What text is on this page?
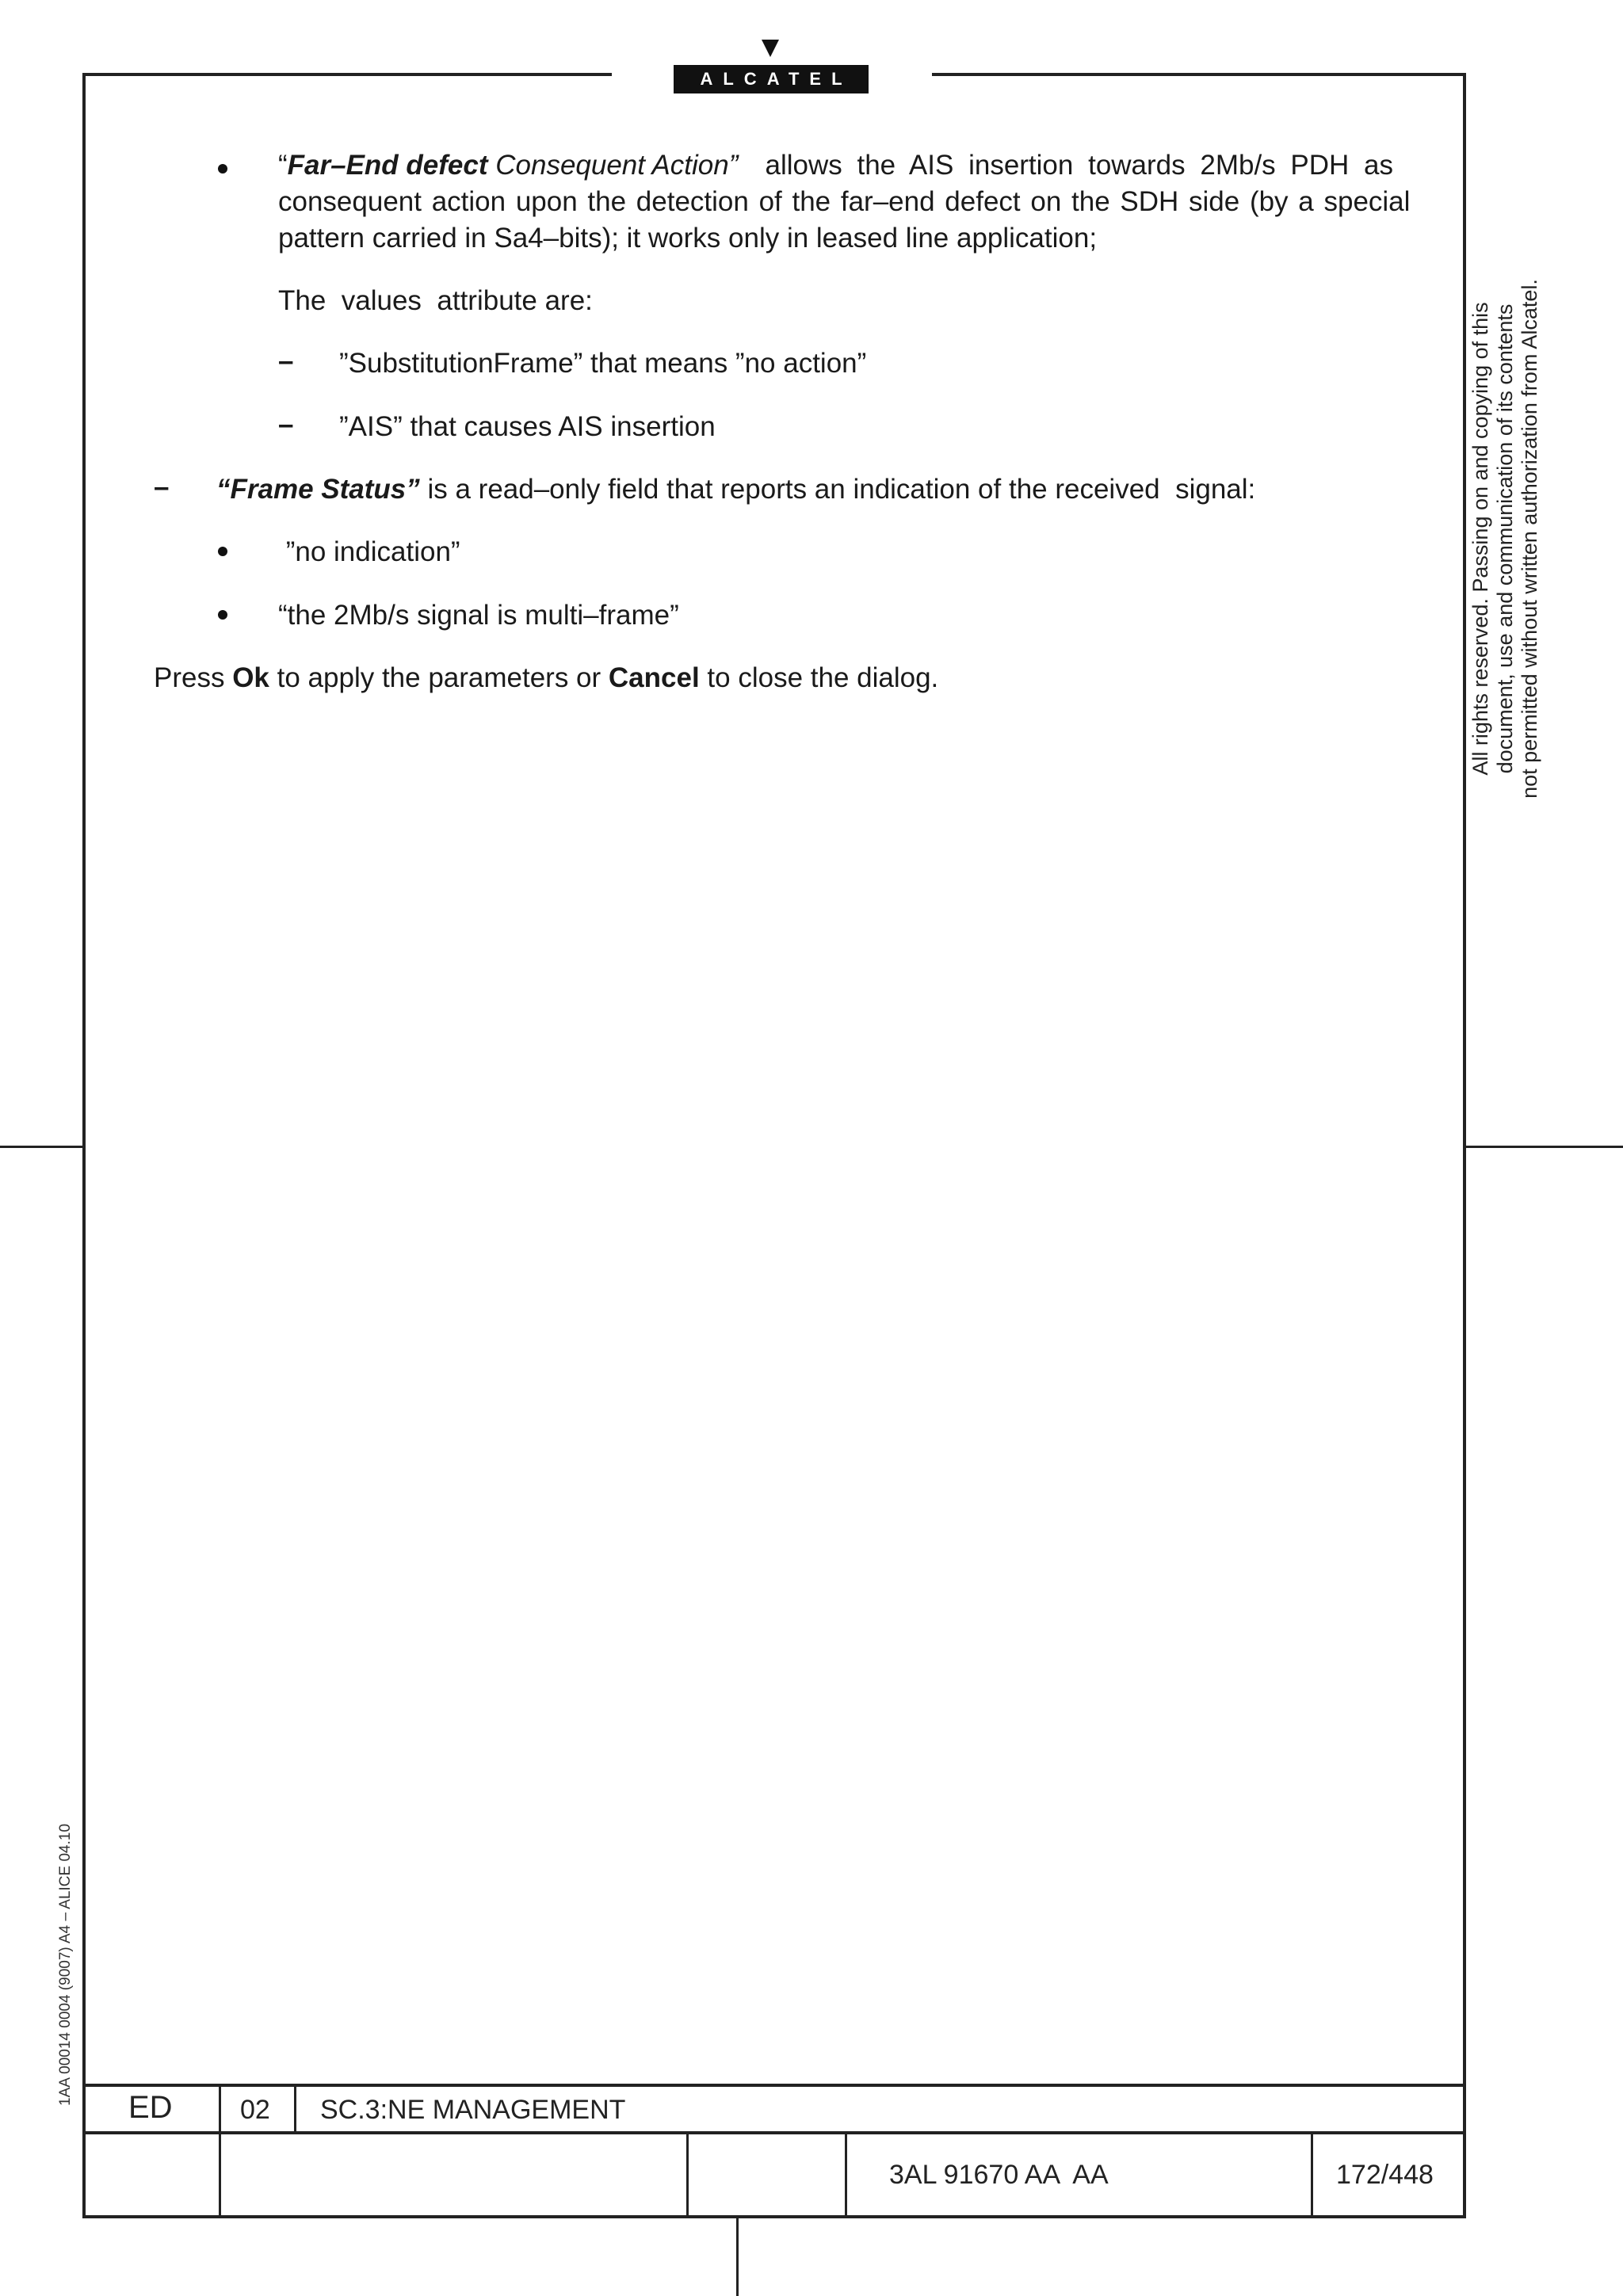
ALCATEL
“Far–End defect Consequent Action” allows the AIS insertion towards 2Mb/s PDH as
consequent action upon the detection of the far–end defect on the SDH side (by a special
pattern carried in Sa4–bits); it works only in leased line application;
The  values  attribute are:
– ”SubstitutionFrame” that means ”no action”
– ”AIS” that causes AIS insertion
– “Frame Status” is a read–only field that reports an indication of the received  signal:
”no indication”
“the 2Mb/s signal is multi–frame”
Press Ok to apply the parameters or Cancel to close the dialog.	All rights reserved. Passing on and copying of this document, use and communication of its contents not permitted without written authorization from Alcatel.
1AA 00014 0004 (9007) A4 – ALICE 04.10
ED	02 SC.3:NE MANAGEMENT
3AL 91670 AA  AA	172/448
